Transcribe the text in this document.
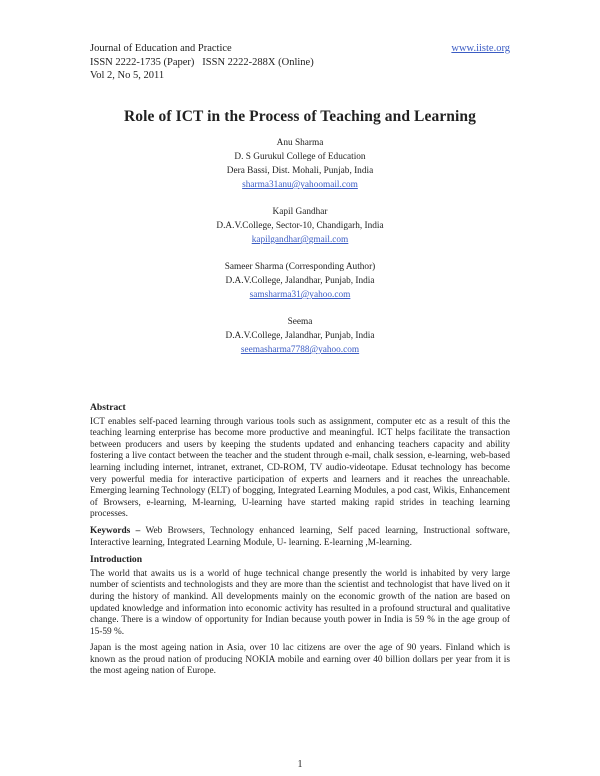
Journal of Education and Practice	www.iiste.org
ISSN 2222-1735 (Paper)   ISSN 2222-288X (Online)
Vol 2, No 5, 2011
Role of ICT in the Process of Teaching and Learning
Anu Sharma
D. S Gurukul College of Education
Dera Bassi, Dist. Mohali, Punjab, India
sharma31anu@yahoomail.com
Kapil Gandhar
D.A.V.College, Sector-10, Chandigarh, India
kapilgandhar@gmail.com
Sameer Sharma (Corresponding Author)
D.A.V.College, Jalandhar, Punjab, India
samsharma31@yahoo.com
Seema
D.A.V.College, Jalandhar, Punjab, India
seemasharma7788@yahoo.com
Abstract

ICT enables self-paced learning through various tools such as assignment, computer etc as a result of this the teaching learning enterprise has become more productive and meaningful. ICT helps facilitate the transaction between producers and users by keeping the students updated and enhancing teachers capacity and ability fostering a live contact between the teacher and the student through e-mail, chalk session, e-learning, web-based learning including internet, intranet, extranet, CD-ROM, TV audio-videotape. Edusat technology has become very powerful media for interactive participation of experts and learners and it reaches the unreachable. Emerging learning Technology (ELT) of bogging, Integrated Learning Modules, a pod cast, Wikis, Enhancement of Browsers, e-learning, M-learning, U-learning have started making rapid strides in teaching learning processes.

Keywords – Web Browsers, Technology enhanced learning, Self paced learning, Instructional software, Interactive learning, Integrated Learning Module, U- learning. E-learning ,M-learning.

Introduction

The world that awaits us is a world of huge technical change presently the world is inhabited by very large number of scientists and technologists and they are more than the scientist and technologist that have lived on it during the history of mankind. All developments mainly on the economic growth of the nation are based on updated knowledge and information into economic activity has resulted in a profound structural and qualitative change. There is a window of opportunity for Indian because youth power in India is 59 % in the age group of 15-59 %.

Japan is the most ageing nation in Asia, over 10 lac citizens are over the age of 90 years. Finland which is known as the proud nation of producing NOKIA mobile and earning over 40 billion dollars per year from it is the most ageing nation of Europe.

1
